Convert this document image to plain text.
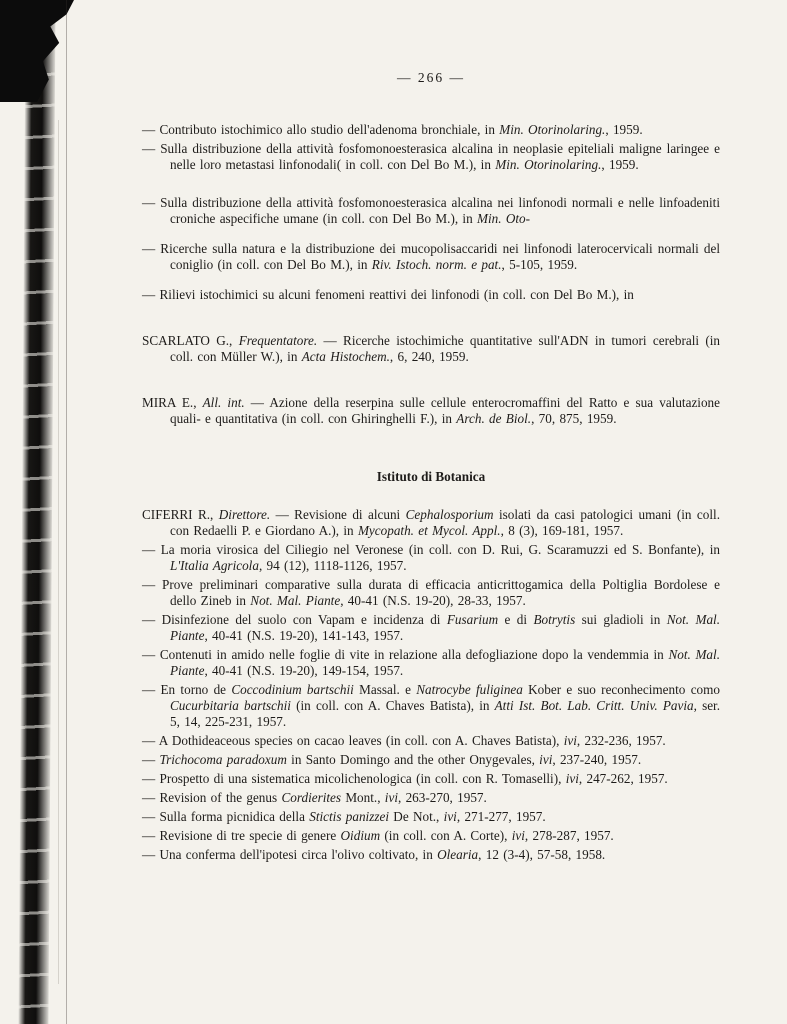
— 266 —

— Contributo istochimico allo studio dell'adenoma bronchiale, in Min. Otorinolaring., 1959.

— Sulla distribuzione della attività fosfomonoesterasica alcalina in neoplasie epiteliali maligne laringee e nelle loro metastasi linfonodali( in coll. con Del Bo M.), in Min. Otorinolaring., 1959.

— Sulla distribuzione della attività fosfomonoesterasica alcalina nei linfonodi normali e nelle linfoadeniti croniche aspecifiche umane (in coll. con Del Bo M.), in Min. Oto-

— Ricerche sulla natura e la distribuzione dei mucopolisaccaridi nei linfonodi laterocervicali normali del coniglio (in coll. con Del Bo M.), in Riv. Istoch. norm. e pat., 5-105, 1959.

— Rilievi istochimici su alcuni fenomeni reattivi dei linfonodi (in coll. con Del Bo M.), in

SCARLATO G., Frequentatore. — Ricerche istochimiche quantitative sull'ADN in tumori cerebrali (in coll. con Müller W.), in Acta Histochem., 6, 240, 1959.

MIRA E., All. int. — Azione della reserpina sulle cellule enterocromaffini del Ratto e sua valutazione quali- e quantitativa (in coll. con Ghiringhelli F.), in Arch. de Biol., 70, 875, 1959.

Istituto di Botanica

CIFERRI R., Direttore. — Revisione di alcuni Cephalosporium isolati da casi patologici umani (in coll. con Redaelli P. e Giordano A.), in Mycopath. et Mycol. Appl., 8 (3), 169-181, 1957.

— La moria virosica del Ciliegio nel Veronese (in coll. con D. Rui, G. Scaramuzzi ed S. Bonfante), in L'Italia Agricola, 94 (12), 1118-1126, 1957.

— Prove preliminari comparative sulla durata di efficacia anticrittogamica della Poltiglia Bordolese e dello Zineb in Not. Mal. Piante, 40-41 (N.S. 19-20), 28-33, 1957.

— Disinfezione del suolo con Vapam e incidenza di Fusarium e di Botrytis sui gladioli in Not. Mal. Piante, 40-41 (N.S. 19-20), 141-143, 1957.

— Contenuti in amido nelle foglie di vite in relazione alla defogliazione dopo la vendemmia in Not. Mal. Piante, 40-41 (N.S. 19-20), 149-154, 1957.

— En torno de Coccodinium bartschii Massal. e Natrocybe fuliginea Kober e suo reconhecimento como Cucurbitaria bartschii (in coll. con A. Chaves Batista), in Atti Ist. Bot. Lab. Critt. Univ. Pavia, ser. 5, 14, 225-231, 1957.

— A Dothideaceous species on cacao leaves (in coll. con A. Chaves Batista), ivi, 232-236, 1957.

— Trichocoma paradoxum in Santo Domingo and the other Onygevales, ivi, 237-240, 1957.

— Prospetto di una sistematica micolichenologica (in coll. con R. Tomaselli), ivi, 247-262, 1957.

— Revision of the genus Cordierites Mont., ivi, 263-270, 1957.

— Sulla forma picnidica della Stictis panizzei De Not., ivi, 271-277, 1957.

— Revisione di tre specie di genere Oidium (in coll. con A. Corte), ivi, 278-287, 1957.

— Una conferma dell'ipotesi circa l'olivo coltivato, in Olearia, 12 (3-4), 57-58, 1958.
